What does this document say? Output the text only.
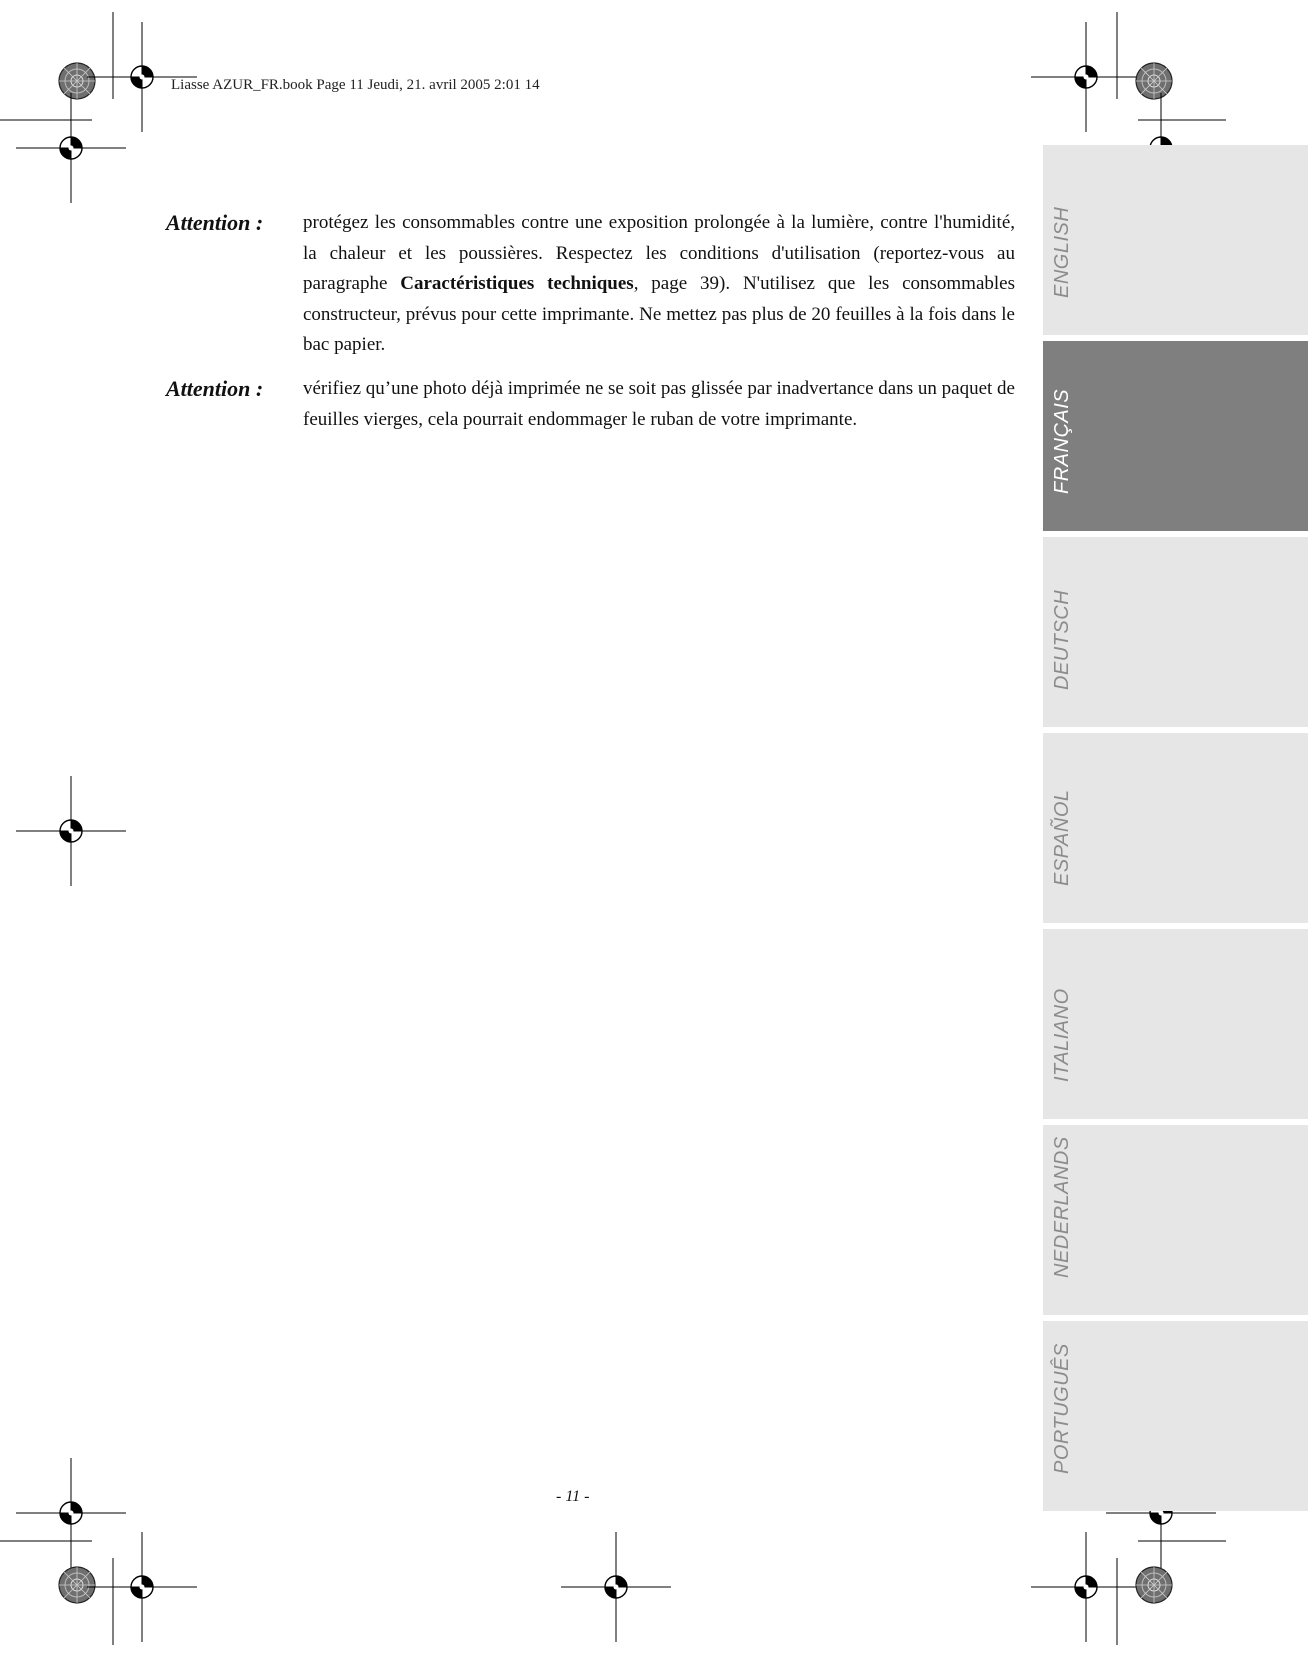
Liasse AZUR_FR.book Page 11 Jeudi, 21. avril 2005 2:01 14
Attention : protégez les consommables contre une exposition prolongée à la lumière, contre l'humidité, la chaleur et les poussières. Respectez les conditions d'utilisation (reportez-vous au paragraphe Caractéristiques techniques, page 39). N'utilisez que les consommables constructeur, prévus pour cette imprimante. Ne mettez pas plus de 20 feuilles à la fois dans le bac papier.
Attention : vérifiez qu’une photo déjà imprimée ne se soit pas glissée par inadvertance dans un paquet de feuilles vierges, cela pourrait endommager le ruban de votre imprimante.
- 11 -
ENGLISH
FRANÇAIS
DEUTSCH
ESPAÑOL
ITALIANO
NEDERLANDS
PORTUGUÊS
